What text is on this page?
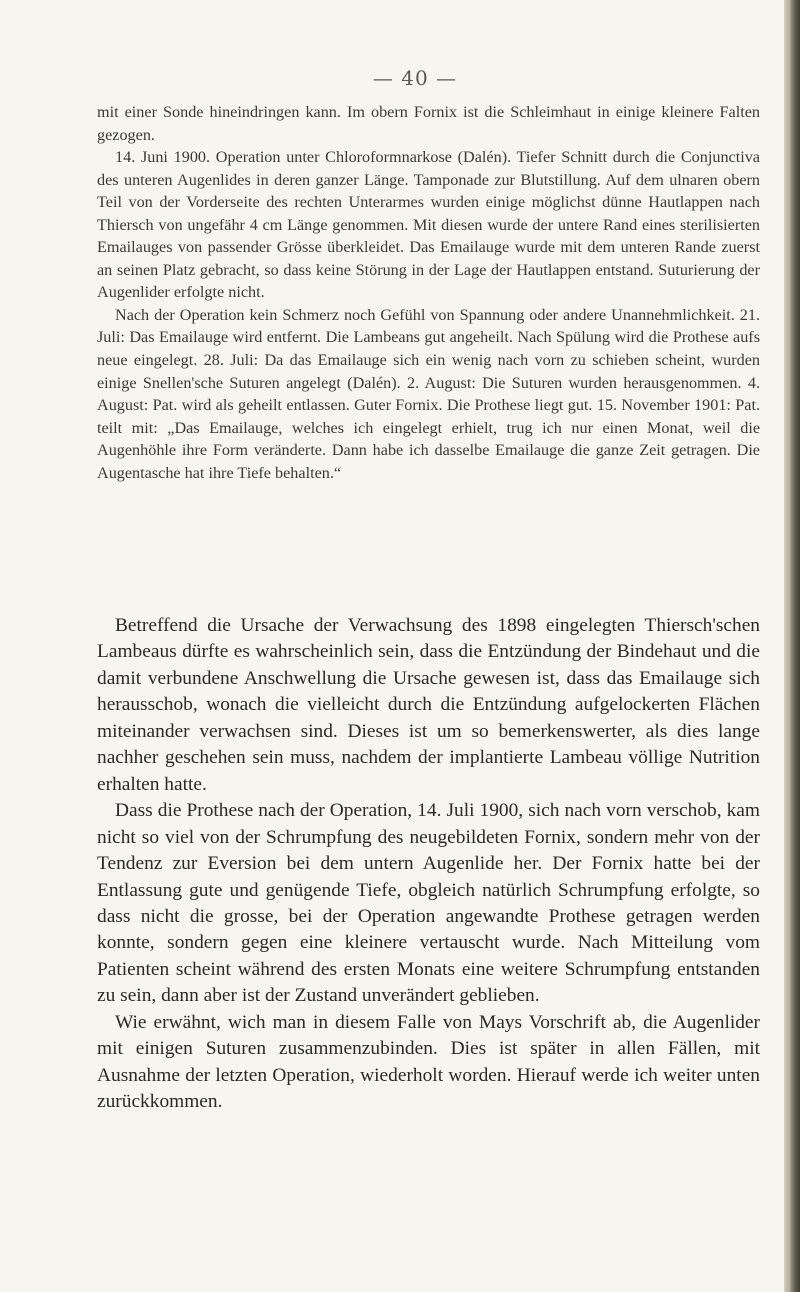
— 40 —

mit einer Sonde hineindringen kann. Im obern Fornix ist die Schleimhaut in einige kleinere Falten gezogen.

14. Juni 1900. Operation unter Chloroformnarkose (Dalén). Tiefer Schnitt durch die Conjunctiva des unteren Augenlides in deren ganzer Länge. Tamponade zur Blutstillung. Auf dem ulnaren obern Teil von der Vorderseite des rechten Unterarmes wurden einige möglichst dünne Hautlappen nach Thiersch von ungefähr 4 cm Länge genommen. Mit diesen wurde der untere Rand eines sterilisierten Emailauges von passender Grösse überkleidet. Das Emailauge wurde mit dem unteren Rande zuerst an seinen Platz gebracht, so dass keine Störung in der Lage der Hautlappen entstand. Suturierung der Augenlider erfolgte nicht.

Nach der Operation kein Schmerz noch Gefühl von Spannung oder andere Unannehmlichkeit. 21. Juli: Das Emailauge wird entfernt. Die Lambeans gut angeheilt. Nach Spülung wird die Prothese aufs neue eingelegt. 28. Juli: Da das Emailauge sich ein wenig nach vorn zu schieben scheint, wurden einige Snellen'sche Suturen angelegt (Dalén). 2. August: Die Suturen wurden herausgenommen. 4. August: Pat. wird als geheilt entlassen. Guter Fornix. Die Prothese liegt gut. 15. November 1901: Pat. teilt mit: „Das Emailauge, welches ich eingelegt erhielt, trug ich nur einen Monat, weil die Augenhöhle ihre Form veränderte. Dann habe ich dasselbe Emailauge die ganze Zeit getragen. Die Augentasche hat ihre Tiefe behalten.“

Betreffend die Ursache der Verwachsung des 1898 eingelegten Thiersch'schen Lambeaus dürfte es wahrscheinlich sein, dass die Entzündung der Bindehaut und die damit verbundene Anschwellung die Ursache gewesen ist, dass das Emailauge sich herausschob, wonach die vielleicht durch die Entzündung aufgelockerten Flächen miteinander verwachsen sind. Dieses ist um so bemerkenswerter, als dies lange nachher geschehen sein muss, nachdem der implantierte Lambeau völlige Nutrition erhalten hatte.

Dass die Prothese nach der Operation, 14. Juli 1900, sich nach vorn verschob, kam nicht so viel von der Schrumpfung des neugebildeten Fornix, sondern mehr von der Tendenz zur Eversion bei dem untern Augenlide her. Der Fornix hatte bei der Entlassung gute und genügende Tiefe, obgleich natürlich Schrumpfung erfolgte, so dass nicht die grosse, bei der Operation angewandte Prothese getragen werden konnte, sondern gegen eine kleinere vertauscht wurde. Nach Mitteilung vom Patienten scheint während des ersten Monats eine weitere Schrumpfung entstanden zu sein, dann aber ist der Zustand unverändert geblieben.

Wie erwähnt, wich man in diesem Falle von Mays Vorschrift ab, die Augenlider mit einigen Suturen zusammenzubinden. Dies ist später in allen Fällen, mit Ausnahme der letzten Operation, wiederholt worden. Hierauf werde ich weiter unten zurückkommen.
